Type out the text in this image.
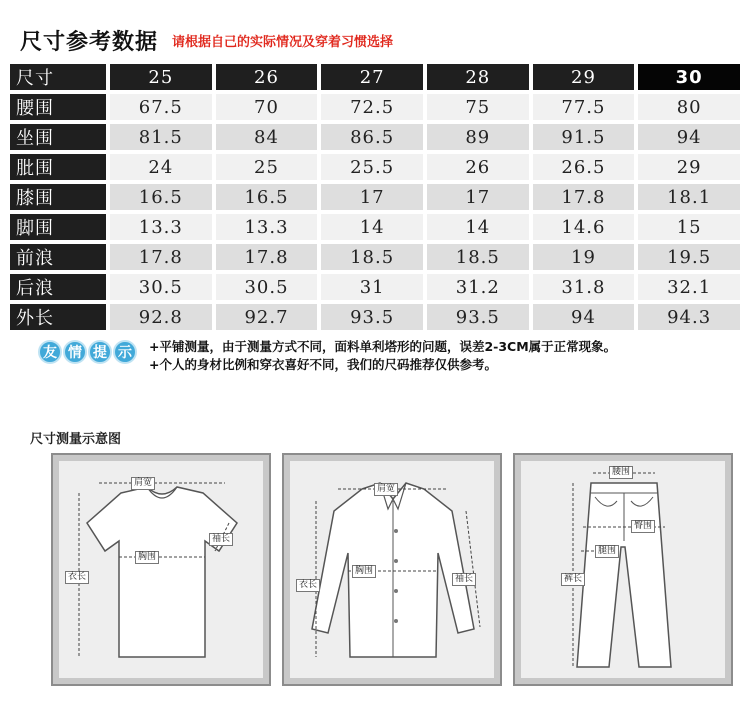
尺寸参考数据 请根据自己的实际情况及穿着习惯选择
尺寸	25	26	27	28	29	30
腰围	67.5	70	72.5	75	77.5	80
坐围	81.5	84	86.5	89	91.5	94
肶围	24	25	25.5	26	26.5	29
膝围	16.5	16.5	17	17	17.8	18.1
脚围	13.3	13.3	14	14	14.6	15
前浪	17.8	17.8	18.5	18.5	19	19.5
后浪	30.5	30.5	31	31.2	31.8	32.1
外长	92.8	92.7	93.5	93.5	94	94.3
友 情 提 示	+平铺测量，由于测量方式不同，面料单利塔形的问题，误差2-3CM属于正常现象。
+个人的身材比例和穿衣喜好不同，我们的尺码推荐仅供参考。
尺寸测量示意图
肩宽
袖长
胸围
衣长
肩宽
胸围
衣长
袖长
腰围
臀围
腿围
裤长
